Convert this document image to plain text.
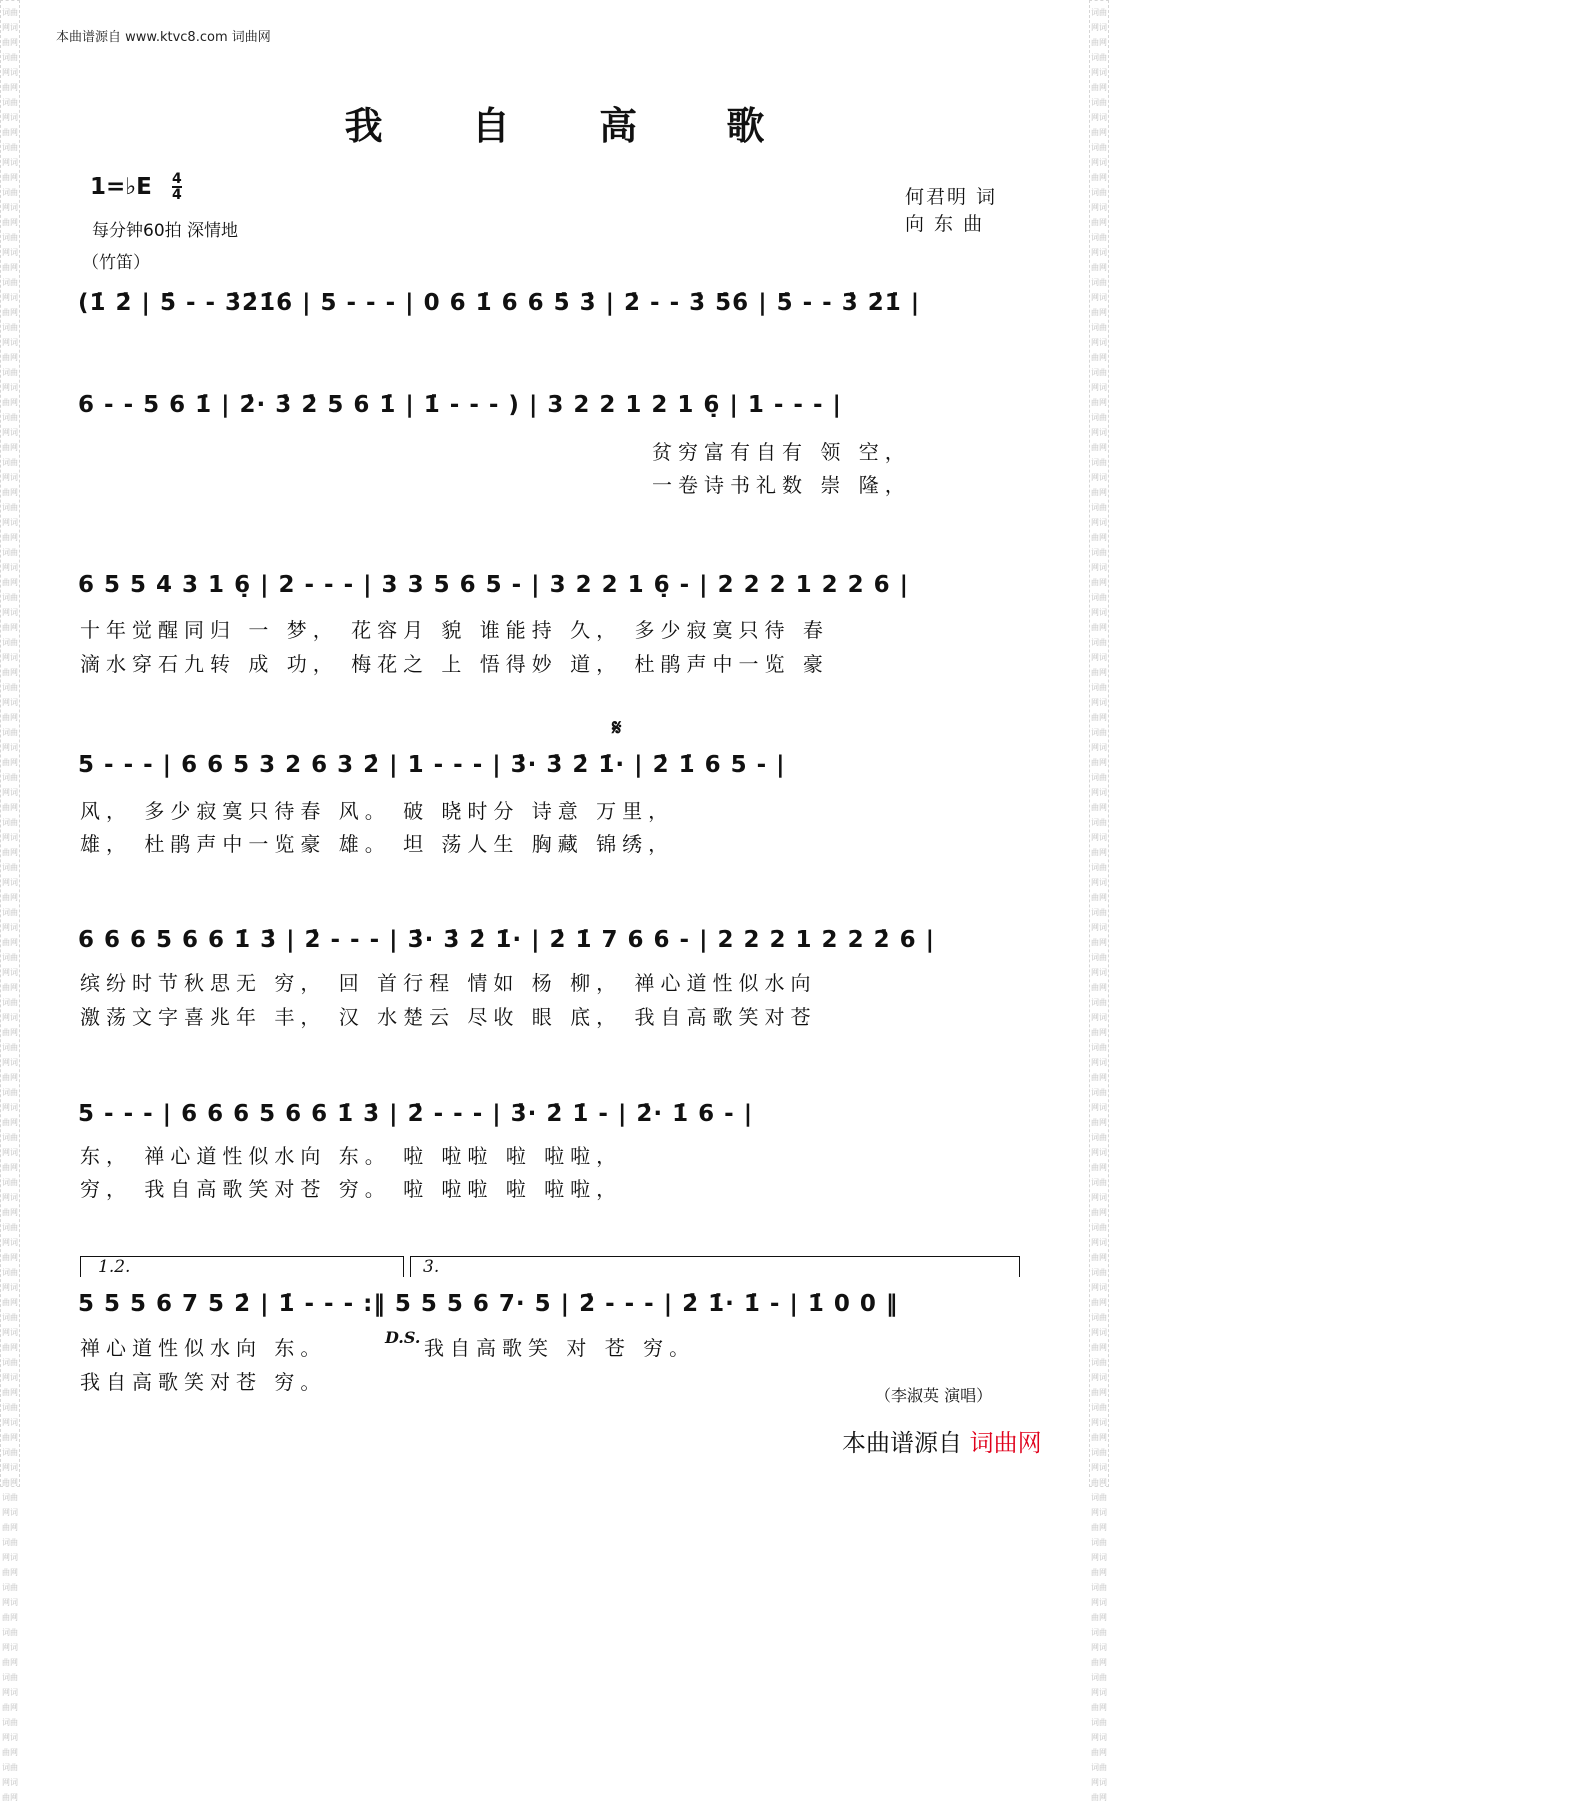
词曲网词曲网词曲网词曲网词曲网词曲网词曲网词曲网词曲网词曲网词曲网词曲网词曲网词曲网词曲网词曲网词曲网词曲网词曲网词曲网词曲网词曲网词曲网词曲网词曲网词曲网词曲网词曲网词曲网词曲网词曲网词曲网词曲网词曲网词曲网词曲网词曲网词曲网词曲网词曲网词曲网词曲网词曲网词曲网词曲网词曲网词曲网词曲网词曲网词曲网词曲网词曲网词曲网词曲网词曲网词曲网词曲网词曲网词曲网词曲网词曲网词曲网词曲网词曲网词曲网词曲网词曲网词曲网词曲网词曲网词曲网词曲网词曲网词曲网词曲网词曲网词曲网词曲网词曲网词曲网
词曲网词曲网词曲网词曲网词曲网词曲网词曲网词曲网词曲网词曲网词曲网词曲网词曲网词曲网词曲网词曲网词曲网词曲网词曲网词曲网词曲网词曲网词曲网词曲网词曲网词曲网词曲网词曲网词曲网词曲网词曲网词曲网词曲网词曲网词曲网词曲网词曲网词曲网词曲网词曲网词曲网词曲网词曲网词曲网词曲网词曲网词曲网词曲网词曲网词曲网词曲网词曲网词曲网词曲网词曲网词曲网词曲网词曲网词曲网词曲网词曲网词曲网词曲网词曲网词曲网词曲网词曲网词曲网词曲网词曲网词曲网词曲网词曲网词曲网词曲网词曲网词曲网词曲网词曲网词曲网
本曲谱源自 www.ktvc8.com 词曲网
我 自 高 歌
1=♭E 4
4
每分钟60拍 深情地
（竹笛）
何君明 词
向 东 曲
(1̇ 2̇ | 5̇ - - 3̇2̇1̇6̇ | 5 - - - | 0 6 1̇ 6 6 5̇ 3̇ | 2̇ - - 3̇ 5̇6̇ | 5̇ - - 3̇ 2̇1̇ |
6 - - 5 6 1̇ | 2̇· 3̇ 2̇ 5 6 1̇ | 1̇ - - - ) | 3 2 2 1 2 1 6̣ | 1 - - - |
贫穷富有自有 领 空，
一卷诗书礼数 崇 隆，
6 5 5 4 3 1 6̣ | 2 - - - | 3 3 5 6 5 - | 3 2 2 1 6̣ - | 2 2 2 1 2 2 6 |
十年觉醒同归 一 梦， 花容月 貌 谁能持 久， 多少寂寞只待 春
滴水穿石九转 成 功， 梅花之 上 悟得妙 道， 杜鹃声中一览 豪
𝄋
5 - - - | 6 6 5 3 2 6 3 2̇ | 1 - - - | 3̇· 3̇ 2̇ 1̇· | 2̇ 1̇ 6 5 - |
风， 多少寂寞只待春 风。 破 晓时分 诗意 万里，
雄， 杜鹃声中一览豪 雄。 坦 荡人生 胸藏 锦绣，
6 6 6 5 6 6 1̇ 3̇ | 2̇ - - - | 3̇· 3̇ 2̇ 1̇· | 2̇ 1̇ 7 6 6 - | 2 2 2 1 2 2 2̇ 6 |
缤纷时节秋思无 穷， 回 首行程 情如 杨 柳， 禅心道性似水向
激荡文字喜兆年 丰， 汉 水楚云 尽收 眼 底， 我自高歌笑对苍
5 - - - | 6 6 6 5 6 6 1̇ 3̇ | 2̇ - - - | 3̇· 2̇ 1̇ - | 2̇· 1̇ 6 - |
东， 禅心道性似水向 东。 啦 啦啦 啦 啦啦，
穷， 我自高歌笑对苍 穷。 啦 啦啦 啦 啦啦，
1.2.	3.
5 5 5 6 7 5 2̇ | 1̇ - - - :‖ 5 5 5 6 7· 5 | 2̇ - - - | 2̇ 1̇· 1̇ - | 1̇ 0 0 ‖
禅心道性似水向 东。	D.S. 我自高歌笑 对 苍 穷。
我自高歌笑对苍 穷。
（李淑英 演唱）
本曲谱源自 词曲网
